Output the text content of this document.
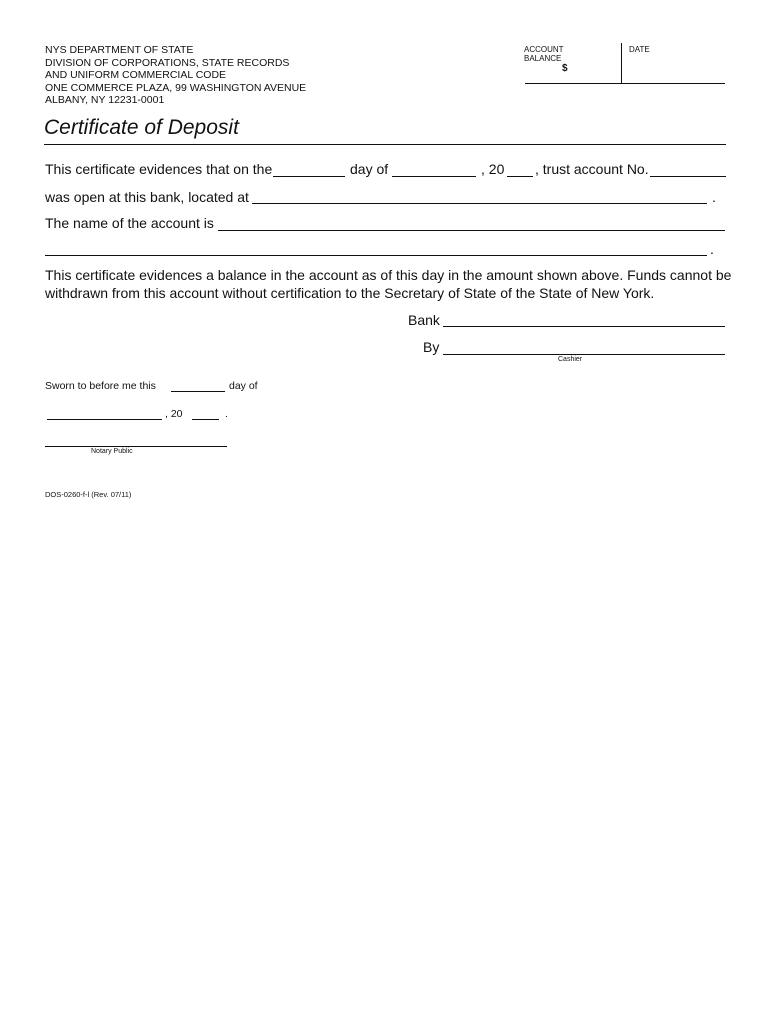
NYS DEPARTMENT OF STATE
DIVISION OF CORPORATIONS, STATE RECORDS
AND UNIFORM COMMERCIAL CODE
ONE COMMERCE PLAZA, 99 WASHINGTON AVENUE
ALBANY, NY 12231-0001
ACCOUNT
BALANCE
$
DATE
Certificate of Deposit
This certificate evidences that on the	day of	, 20 , trust account No.
was open at this bank, located at	.
The name of the account is
.
This certificate evidences a balance in the account as of this day in the amount shown above. Funds cannot be withdrawn from this account without certification to the Secretary of State of the State of New York.
Bank
By
Cashier
Sworn to before me this	day of
, 20	.
Notary Public
DOS-0260-f-l (Rev. 07/11)
